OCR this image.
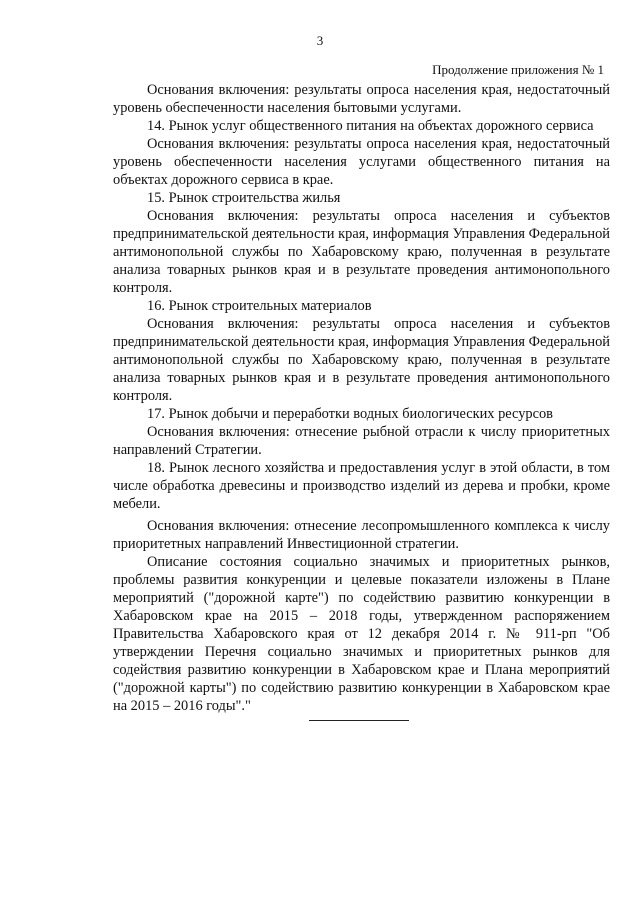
3
Продолжение приложения № 1

Основания включения: результаты опроса населения края, недостаточный уровень обеспеченности населения бытовыми услугами.

14. Рынок услуг общественного питания на объектах дорожного сервиса

Основания включения: результаты опроса населения края, недостаточный уровень обеспеченности населения услугами общественного питания на объектах дорожного сервиса в крае.

15. Рынок строительства жилья

Основания включения: результаты опроса населения и субъектов предпринимательской деятельности края, информация Управления Федеральной антимонопольной службы по Хабаровскому краю, полученная в результате анализа товарных рынков края и в результате проведения антимонопольного контроля.

16. Рынок строительных материалов

Основания включения: результаты опроса населения и субъектов предпринимательской деятельности края, информация Управления Федеральной антимонопольной службы по Хабаровскому краю, полученная в результате анализа товарных рынков края и в результате проведения антимонопольного контроля.

17. Рынок добычи и переработки водных биологических ресурсов

Основания включения: отнесение рыбной отрасли к числу приоритетных направлений Стратегии.

18. Рынок лесного хозяйства и предоставления услуг в этой области, в том числе обработка древесины и производство изделий из дерева и пробки, кроме мебели.

Основания включения: отнесение лесопромышленного комплекса к числу приоритетных направлений Инвестиционной стратегии.

Описание состояния социально значимых и приоритетных рынков, проблемы развития конкуренции и целевые показатели изложены в Плане мероприятий ("дорожной карте") по содействию развитию конкуренции в Хабаровском крае на 2015 – 2018 годы, утвержденном распоряжением Правительства Хабаровского края от 12 декабря 2014 г. № 911-рп "Об утверждении Перечня социально значимых и приоритетных рынков для содействия развитию конкуренции в Хабаровском крае и Плана мероприятий ("дорожной карты") по содействию развитию конкуренции в Хабаровском крае на 2015 – 2016 годы"."
